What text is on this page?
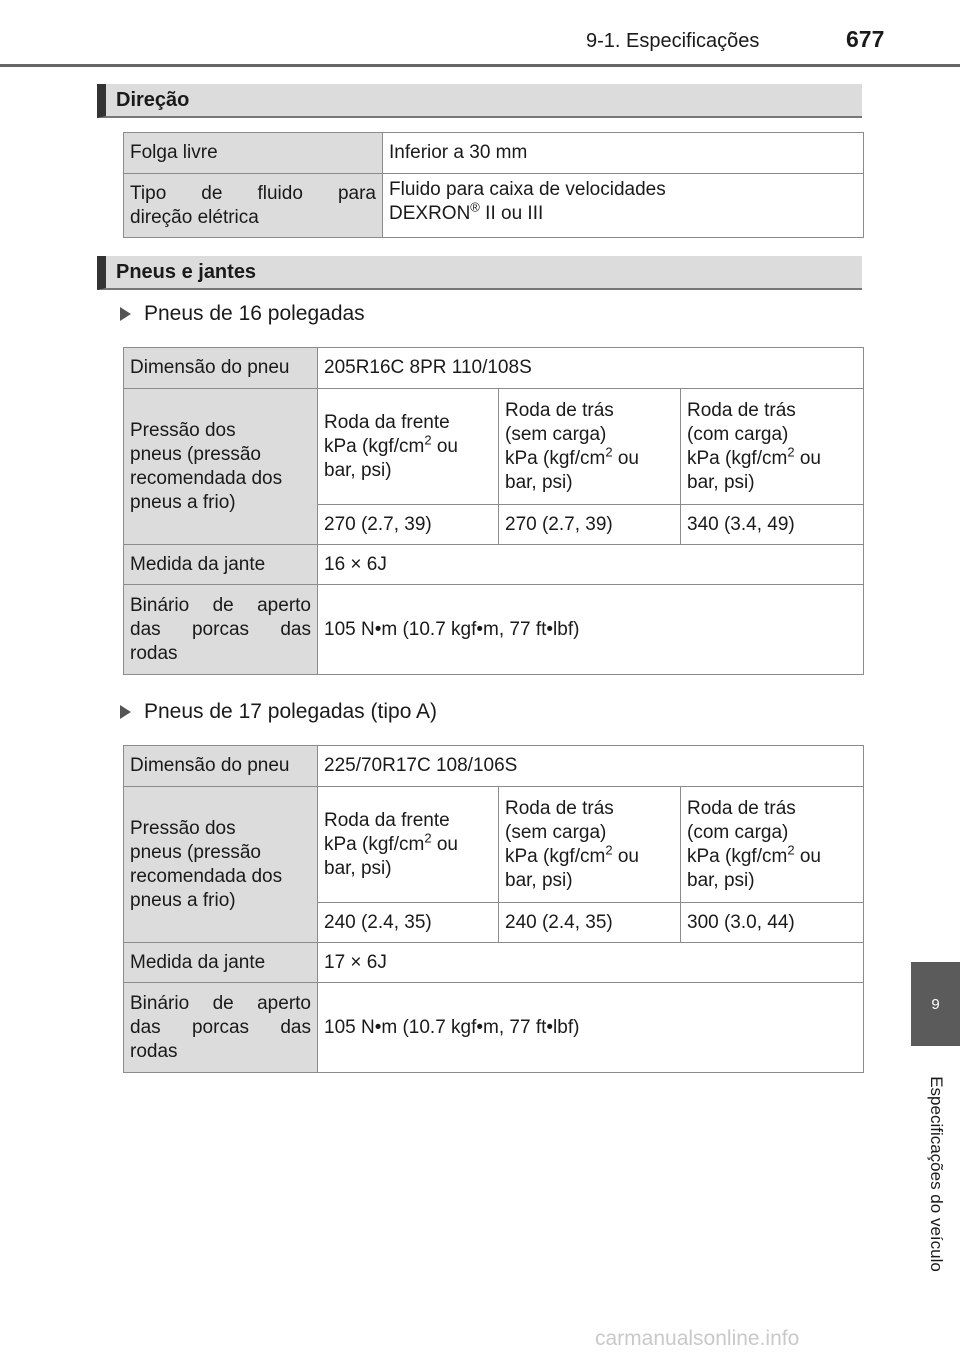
9-1. Especificações	677
9
Especificações do veículo
Direção
Folga livre	Inferior a 30 mm

Tipo de fluido para
direção elétrica	Fluido para caixa de velocidades
DEXRON® II ou III
Pneus e jantes
Pneus de 16 polegadas
Dimensão do pneu	205R16C 8PR 110/108S		
Pressão dos
pneus (pressão
recomendada dos
pneus a frio)	Roda da frente
kPa ($kgf/cm^2$ ou
bar, psi)	Roda de trás
(sem carga)
kPa ($kgf/cm^2$ ou
bar, psi)	Roda de trás
(com carga)
kPa ($kgf/cm^2$ ou
bar, psi)
	270 (2.7, 39)	270 (2.7, 39)	340 (3.4, 49)
Medida da jante	16 × 6J		

Binário de aperto
das porcas das
rodas	105 N•m (10.7 kgf•m, 77 ft•lbf)		
Pneus de 17 polegadas (tipo A)
Dimensão do pneu	225/70R17C 108/106S		
Pressão dos
pneus (pressão
recomendada dos
pneus a frio)	Roda da frente
kPa ($kgf/cm^2$ ou
bar, psi)	Roda de trás
(sem carga)
kPa ($kgf/cm^2$ ou
bar, psi)	Roda de trás
(com carga)
kPa ($kgf/cm^2$ ou
bar, psi)
	240 (2.4, 35)	240 (2.4, 35)	300 (3.0, 44)
Medida da jante	17 × 6J		

Binário de aperto
das porcas das
rodas	105 N•m (10.7 kgf•m, 77 ft•lbf)		
carmanualsonline.info
